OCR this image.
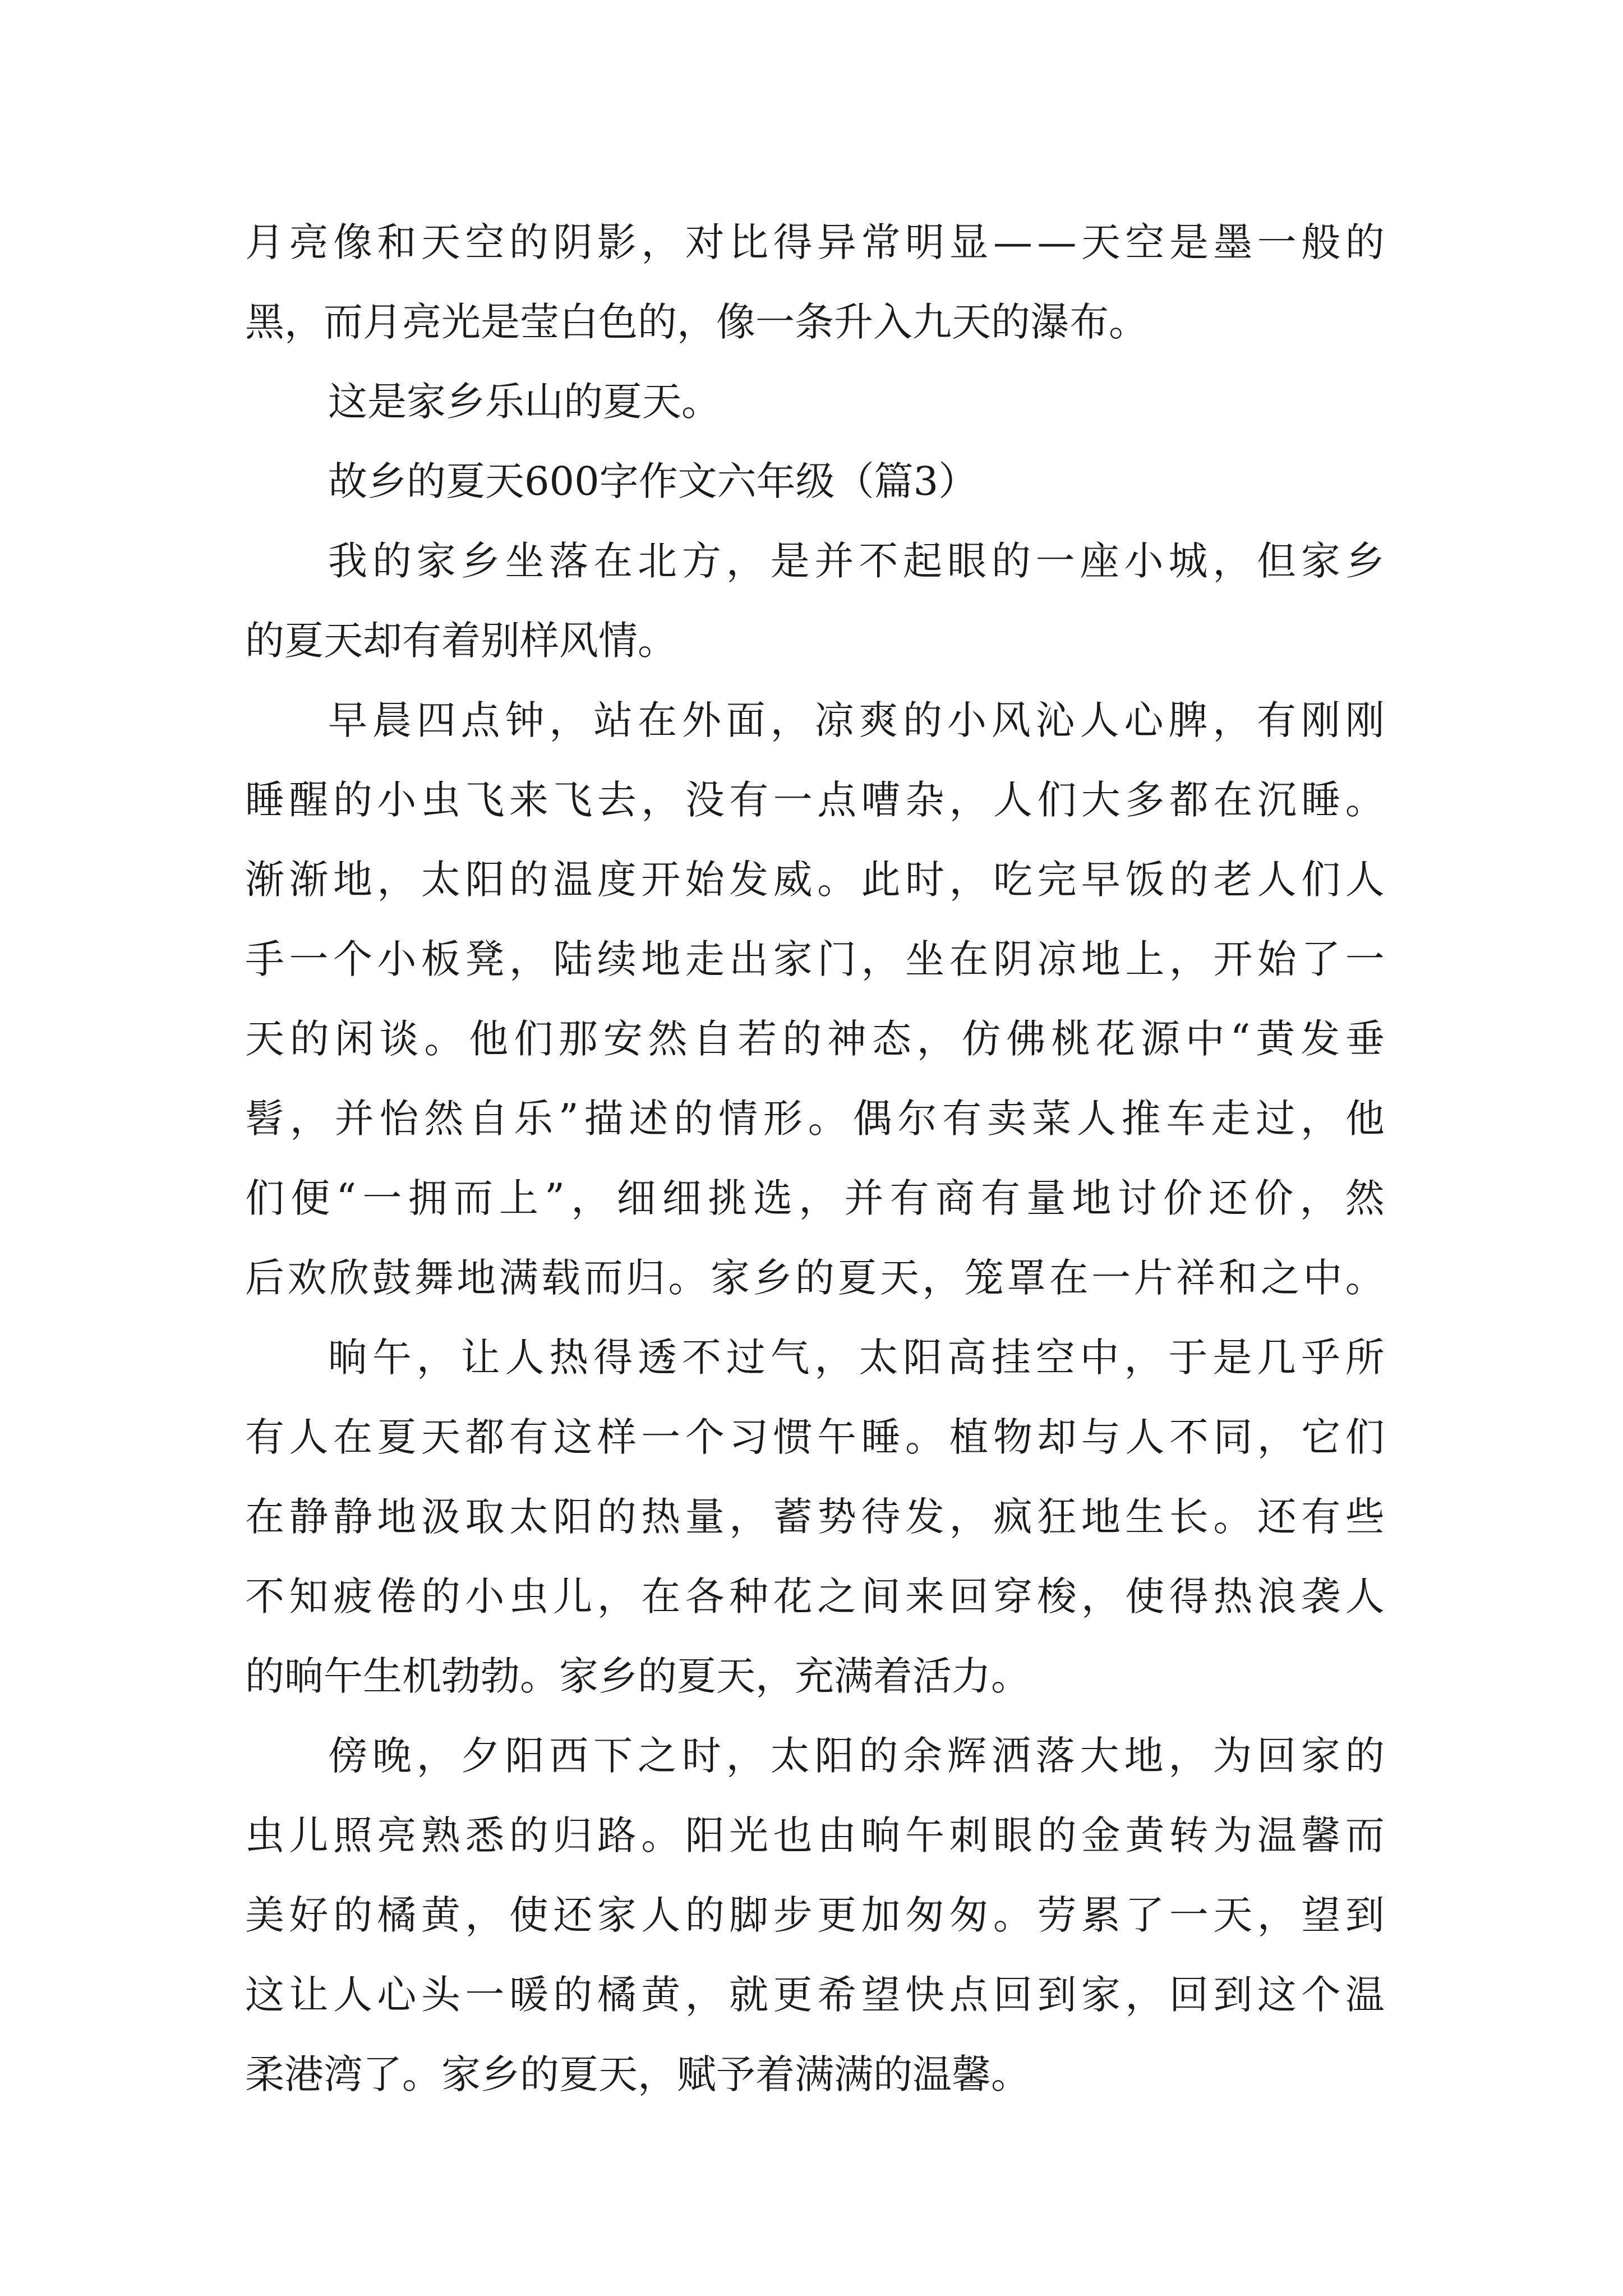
月 亮 像 和 天 空 的 阴 影 ， 对 比 得 异 常 明 显 — — 天 空 是 墨 一 般 的
黑，而月亮光是莹白色的，像一条升入九天的瀑布。
这是家乡乐山的夏天。
故乡的夏天600字作文六年级（篇3）
我 的 家 乡 坐 落 在 北 方 ， 是 并 不 起 眼 的 一 座 小 城 ， 但 家 乡
的夏天却有着别样风情。
早 晨 四 点 钟 ， 站 在 外 面 ， 凉 爽 的 小 风 沁 人 心 脾 ， 有 刚 刚
睡 醒 的 小 虫 飞 来 飞 去 ， 没 有 一 点 嘈 杂 ， 人 们 大 多 都 在 沉 睡 。
渐 渐 地 ， 太 阳 的 温 度 开 始 发 威 。 此 时 ， 吃 完 早 饭 的 老 人 们 人
手 一 个 小 板 凳 ， 陆 续 地 走 出 家 门 ， 坐 在 阴 凉 地 上 ， 开 始 了 一
天 的 闲 谈 。 他 们 那 安 然 自 若 的 神 态 ， 仿 佛 桃 花 源 中 “ 黄 发 垂
髫 ， 并 怡 然 自 乐 ” 描 述 的 情 形 。 偶 尔 有 卖 菜 人 推 车 走 过 ， 他
们 便 “ 一 拥 而 上 ” ， 细 细 挑 选 ， 并 有 商 有 量 地 讨 价 还 价 ， 然
后 欢 欣 鼓 舞 地 满 载 而 归 。 家 乡 的 夏 天 ， 笼 罩 在 一 片 祥 和 之 中 。
晌 午 ， 让 人 热 得 透 不 过 气 ， 太 阳 高 挂 空 中 ， 于 是 几 乎 所
有 人 在 夏 天 都 有 这 样 一 个 习 惯 午 睡 。 植 物 却 与 人 不 同 ， 它 们
在 静 静 地 汲 取 太 阳 的 热 量 ， 蓄 势 待 发 ， 疯 狂 地 生 长 。 还 有 些
不 知 疲 倦 的 小 虫 儿 ， 在 各 种 花 之 间 来 回 穿 梭 ， 使 得 热 浪 袭 人
的晌午生机勃勃。家乡的夏天，充满着活力。
傍 晚 ， 夕 阳 西 下 之 时 ， 太 阳 的 余 辉 洒 落 大 地 ， 为 回 家 的
虫 儿 照 亮 熟 悉 的 归 路 。 阳 光 也 由 晌 午 刺 眼 的 金 黄 转 为 温 馨 而
美 好 的 橘 黄 ， 使 还 家 人 的 脚 步 更 加 匆 匆 。 劳 累 了 一 天 ， 望 到
这 让 人 心 头 一 暖 的 橘 黄 ， 就 更 希 望 快 点 回 到 家 ， 回 到 这 个 温
柔港湾了。家乡的夏天，赋予着满满的温馨。
